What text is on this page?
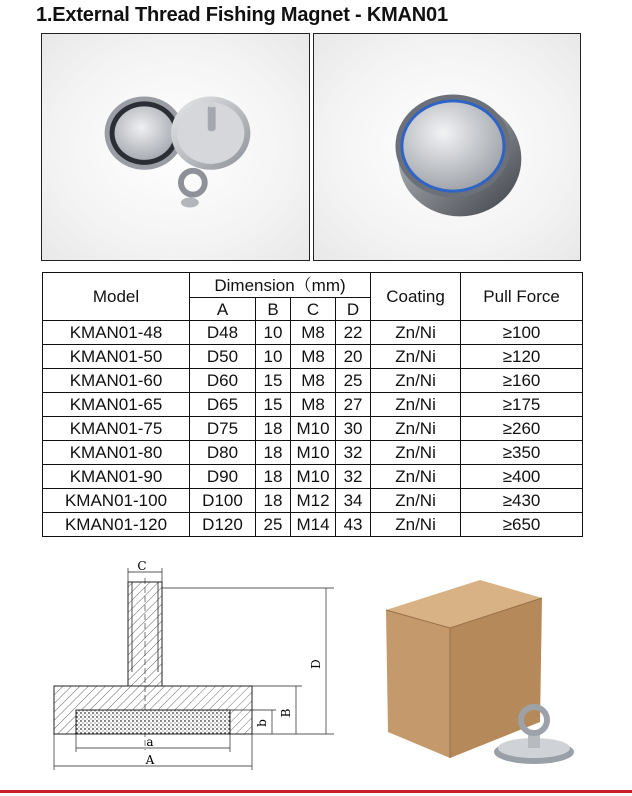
1.External Thread Fishing Magnet - KMAN01
Model	Dimension（mm)				Coating	Pull Force
	A	B	C	D		
KMAN01-48	D48	10	M8	22	Zn/Ni	≥100
KMAN01-50	D50	10	M8	20	Zn/Ni	≥120
KMAN01-60	D60	15	M8	25	Zn/Ni	≥160
KMAN01-65	D65	15	M8	27	Zn/Ni	≥175
KMAN01-75	D75	18	M10	30	Zn/Ni	≥260
KMAN01-80	D80	18	M10	32	Zn/Ni	≥350
KMAN01-90	D90	18	M10	32	Zn/Ni	≥400
KMAN01-100	D100	18	M12	34	Zn/Ni	≥430
KMAN01-120	D120	25	M14	43	Zn/Ni	≥650
C
D
B
b
a
A
